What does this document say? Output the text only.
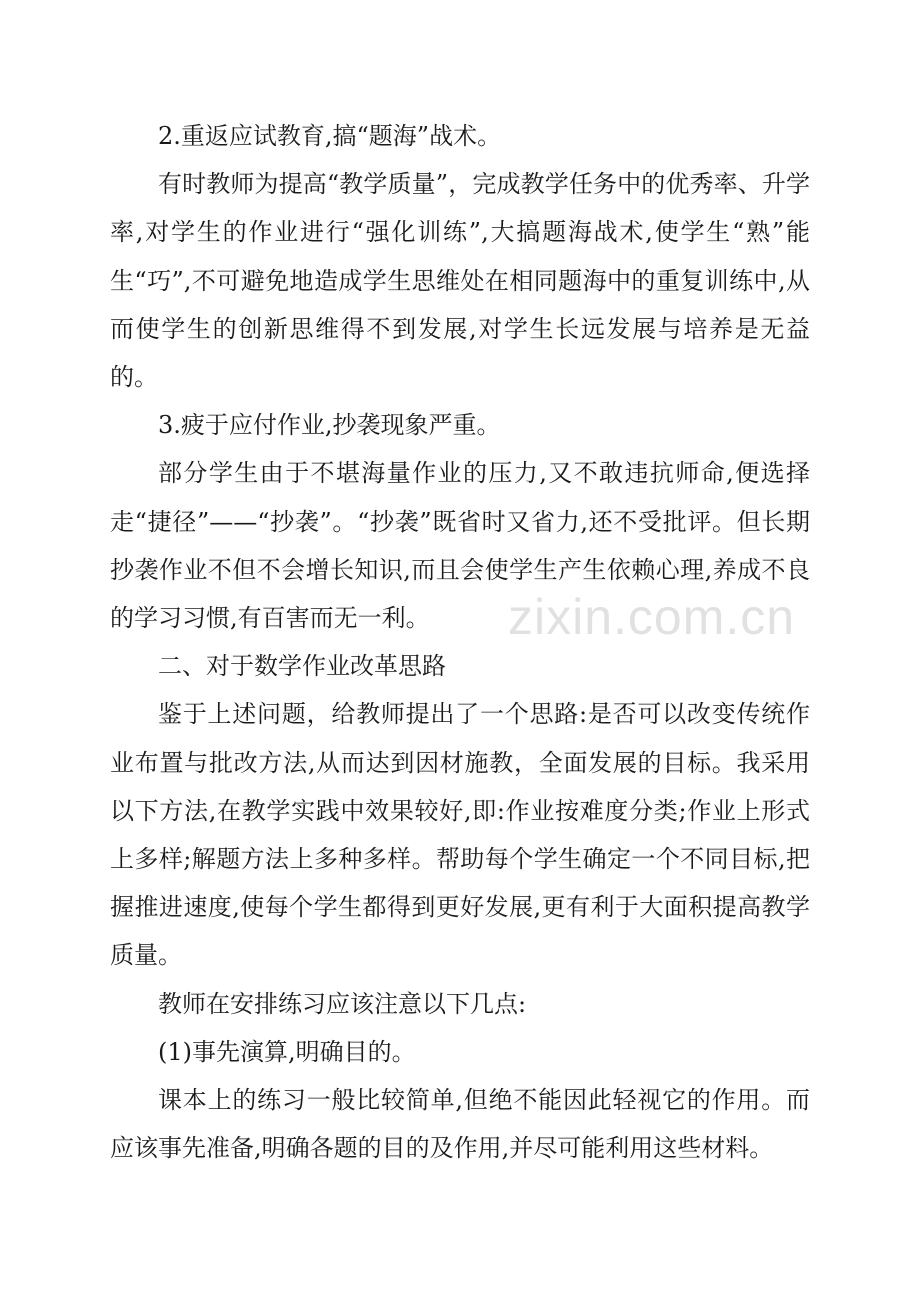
2.重返应试教育,搞“题海”战术。

有时教师为提高“教学质量”，完成教学任务中的优秀率、升学率,对学生的作业进行“强化训练”,大搞题海战术,使学生“熟”能生“巧”,不可避免地造成学生思维处在相同题海中的重复训练中,从而使学生的创新思维得不到发展,对学生长远发展与培养是无益的。

3.疲于应付作业,抄袭现象严重。

部分学生由于不堪海量作业的压力,又不敢违抗师命,便选择走“捷径”——“抄袭”。“抄袭”既省时又省力,还不受批评。但长期抄袭作业不但不会增长知识,而且会使学生产生依赖心理,养成不良的学习习惯,有百害而无一利。

二、对于数学作业改革思路

鉴于上述问题，给教师提出了一个思路:是否可以改变传统作业布置与批改方法,从而达到因材施教，全面发展的目标。我采用以下方法,在教学实践中效果较好,即:作业按难度分类;作业上形式上多样;解题方法上多种多样。帮助每个学生确定一个不同目标,把握推进速度,使每个学生都得到更好发展,更有利于大面积提高教学质量。

教师在安排练习应该注意以下几点:

(1)事先演算,明确目的。

课本上的练习一般比较简单,但绝不能因此轻视它的作用。而应该事先准备,明确各题的目的及作用,并尽可能利用这些材料。

zixin.com.cn
